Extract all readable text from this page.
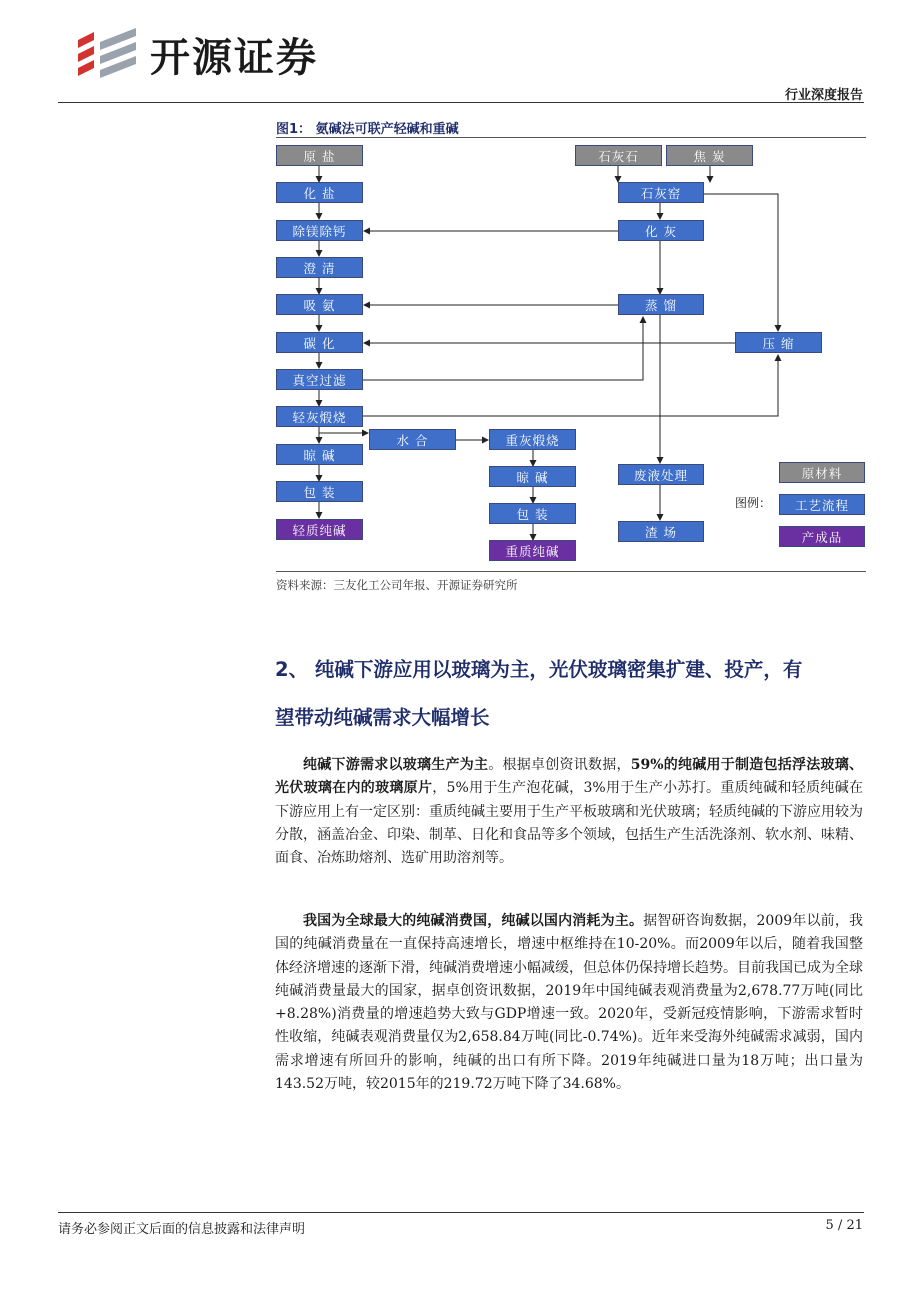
开源证券
行业深度报告
图1： 氨碱法可联产轻碱和重碱
原 盐
化 盐
除镁除钙
澄 清
吸 氨
碳 化
真空过滤
轻灰煅烧
晾 碱
包 装
轻质纯碱
水 合	重灰煅烧
晾 碱
包 装
重质纯碱
石灰石	焦 炭
石灰窑
化 灰
蒸 馏
压 缩
废液处理
渣 场
图例：
原材料
工艺流程
产成品
资料来源：三友化工公司年报、开源证券研究所
2、 纯碱下游应用以玻璃为主，光伏玻璃密集扩建、投产，有
望带动纯碱需求大幅增长
纯碱下游需求以玻璃生产为主。根据卓创资讯数据，59%的纯碱用于制造包括浮法玻璃、光伏玻璃在内的玻璃原片，5%用于生产泡花碱，3%用于生产小苏打。重质纯碱和轻质纯碱在下游应用上有一定区别：重质纯碱主要用于生产平板玻璃和光伏玻璃；轻质纯碱的下游应用较为分散，涵盖冶金、印染、制革、日化和食品等多个领域，包括生产生活洗涤剂、软水剂、味精、面食、冶炼助熔剂、选矿用助溶剂等。
我国为全球最大的纯碱消费国，纯碱以国内消耗为主。据智研咨询数据，2009年以前，我国的纯碱消费量在一直保持高速增长，增速中枢维持在10-20%。而2009年以后，随着我国整体经济增速的逐渐下滑，纯碱消费增速小幅减缓，但总体仍保持增长趋势。目前我国已成为全球纯碱消费量最大的国家，据卓创资讯数据，2019年中国纯碱表观消费量为2,678.77万吨(同比+8.28%)消费量的增速趋势大致与GDP增速一致。2020年，受新冠疫情影响，下游需求暂时性收缩，纯碱表观消费量仅为2,658.84万吨(同比-0.74%)。近年来受海外纯碱需求减弱，国内需求增速有所回升的影响，纯碱的出口有所下降。2019年纯碱进口量为18万吨；出口量为143.52万吨，较2015年的219.72万吨下降了34.68%。
请务必参阅正文后面的信息披露和法律声明	5 / 21
